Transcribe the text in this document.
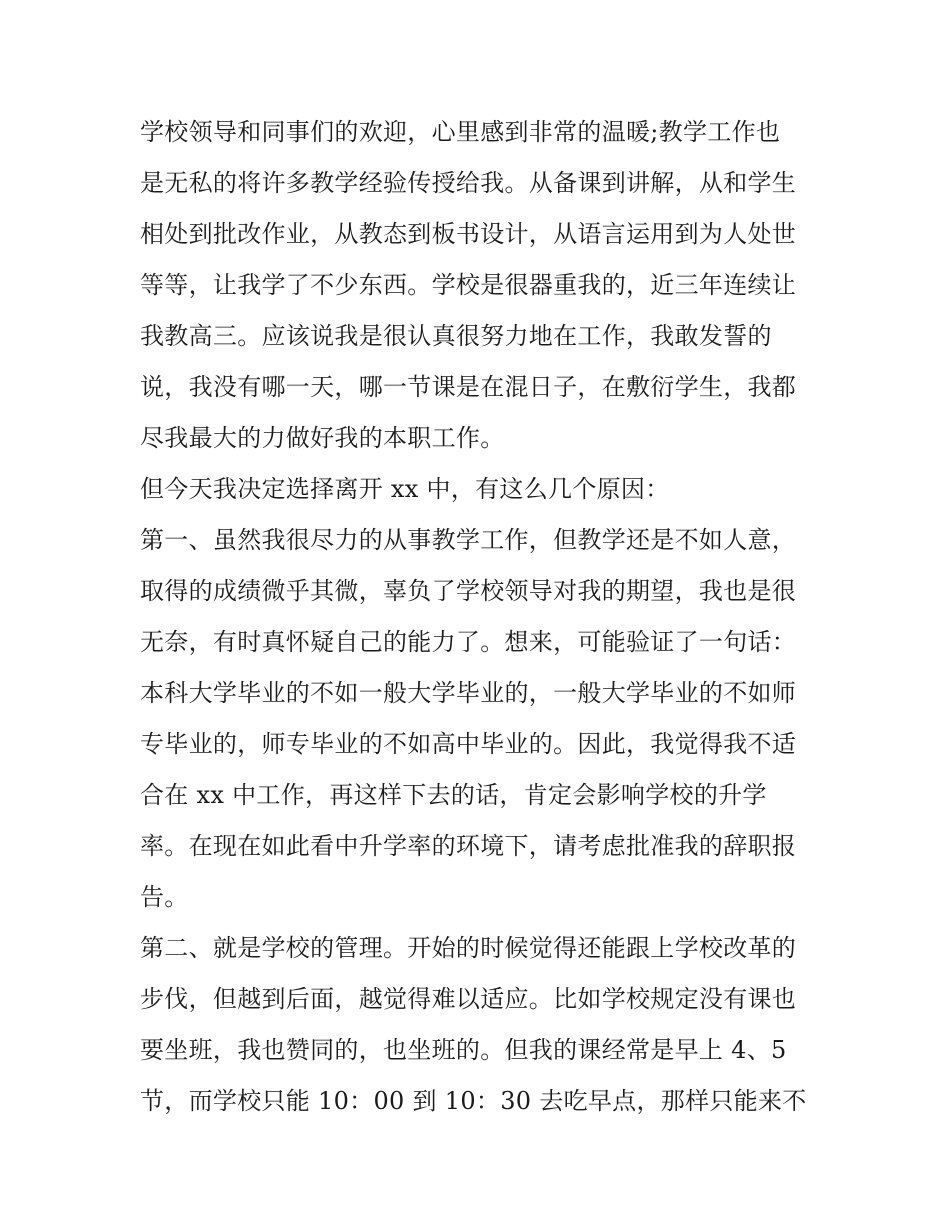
学校领导和同事们的欢迎，心里感到非常的温暖;教学工作也
是无私的将许多教学经验传授给我。从备课到讲解，从和学生
相处到批改作业，从教态到板书设计，从语言运用到为人处世
等等，让我学了不少东西。学校是很器重我的，近三年连续让
我教高三。应该说我是很认真很努力地在工作，我敢发誓的
说，我没有哪一天，哪一节课是在混日子，在敷衍学生，我都
尽我最大的力做好我的本职工作。
但今天我决定选择离开 xx 中，有这么几个原因：
第一、虽然我很尽力的从事教学工作，但教学还是不如人意，
取得的成绩微乎其微，辜负了学校领导对我的期望，我也是很
无奈，有时真怀疑自己的能力了。想来，可能验证了一句话：
本科大学毕业的不如一般大学毕业的，一般大学毕业的不如师
专毕业的，师专毕业的不如高中毕业的。因此，我觉得我不适
合在 xx 中工作，再这样下去的话，肯定会影响学校的升学
率。在现在如此看中升学率的环境下，请考虑批准我的辞职报
告。
第二、就是学校的管理。开始的时候觉得还能跟上学校改革的
步伐，但越到后面，越觉得难以适应。比如学校规定没有课也
要坐班，我也赞同的，也坐班的。但我的课经常是早上 4、5
节，而学校只能 10：00 到 10：30 去吃早点，那样只能来不
